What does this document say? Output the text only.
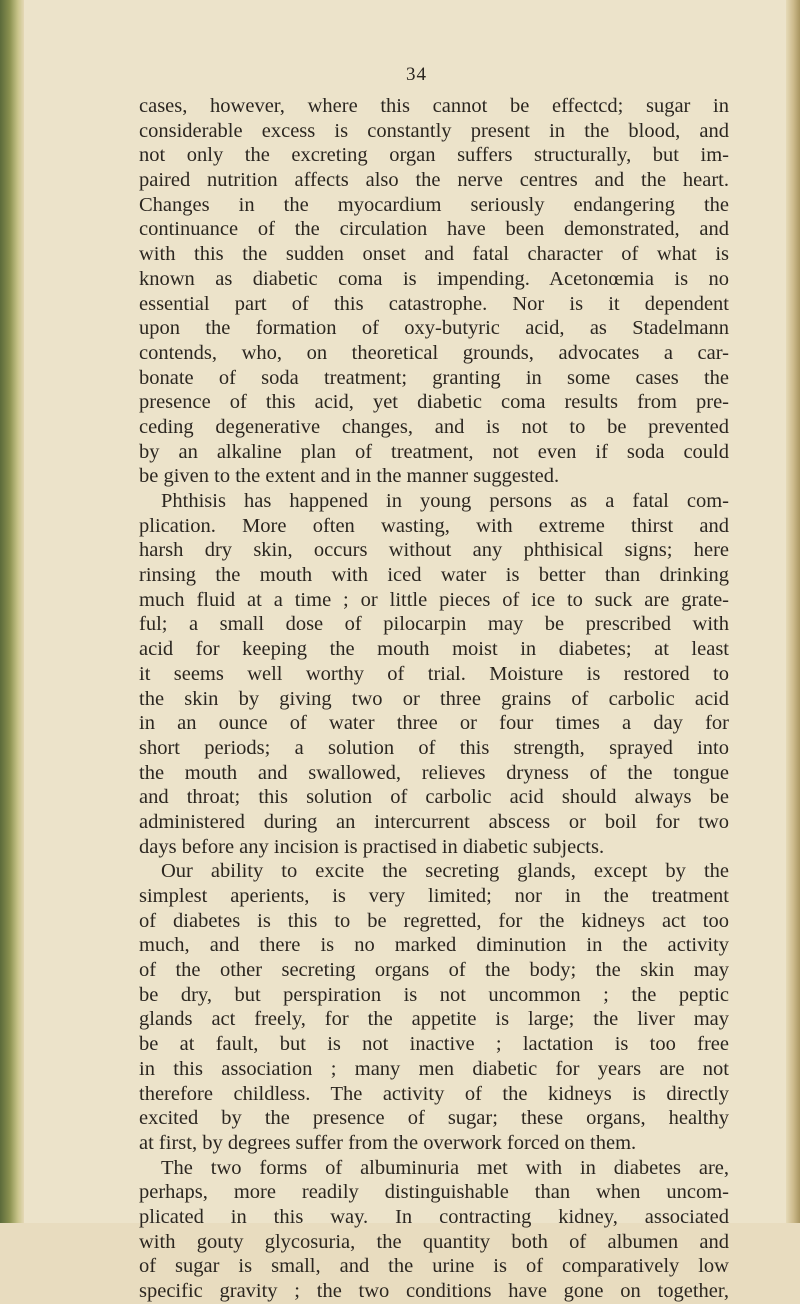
34
cases, however, where this cannot be effectcd; sugar in
considerable excess is constantly present in the blood, and
not only the excreting organ suffers structurally, but im-
paired nutrition affects also the nerve centres and the heart.
Changes in the myocardium seriously endangering the
continuance of the circulation have been demonstrated, and
with this the sudden onset and fatal character of what is
known as diabetic coma is impending. Acetonœmia is no
essential part of this catastrophe. Nor is it dependent
upon the formation of oxy-butyric acid, as Stadelmann
contends, who, on theoretical grounds, advocates a car-
bonate of soda treatment; granting in some cases the
presence of this acid, yet diabetic coma results from pre-
ceding degenerative changes, and is not to be prevented
by an alkaline plan of treatment, not even if soda could
be given to the extent and in the manner suggested.
Phthisis has happened in young persons as a fatal com-
plication. More often wasting, with extreme thirst and
harsh dry skin, occurs without any phthisical signs; here
rinsing the mouth with iced water is better than drinking
much fluid at a time ; or little pieces of ice to suck are grate-
ful; a small dose of pilocarpin may be prescribed with
acid for keeping the mouth moist in diabetes; at least
it seems well worthy of trial. Moisture is restored to
the skin by giving two or three grains of carbolic acid
in an ounce of water three or four times a day for
short periods; a solution of this strength, sprayed into
the mouth and swallowed, relieves dryness of the tongue
and throat; this solution of carbolic acid should always be
administered during an intercurrent abscess or boil for two
days before any incision is practised in diabetic subjects.
Our ability to excite the secreting glands, except by the
simplest aperients, is very limited; nor in the treatment
of diabetes is this to be regretted, for the kidneys act too
much, and there is no marked diminution in the activity
of the other secreting organs of the body; the skin may
be dry, but perspiration is not uncommon ; the peptic
glands act freely, for the appetite is large; the liver may
be at fault, but is not inactive ; lactation is too free
in this association ; many men diabetic for years are not
therefore childless. The activity of the kidneys is directly
excited by the presence of sugar; these organs, healthy
at first, by degrees suffer from the overwork forced on them.
The two forms of albuminuria met with in diabetes are,
perhaps, more readily distinguishable than when uncom-
plicated in this way. In contracting kidney, associated
with gouty glycosuria, the quantity both of albumen and
of sugar is small, and the urine is of comparatively low
specific gravity ; the two conditions have gone on together,
